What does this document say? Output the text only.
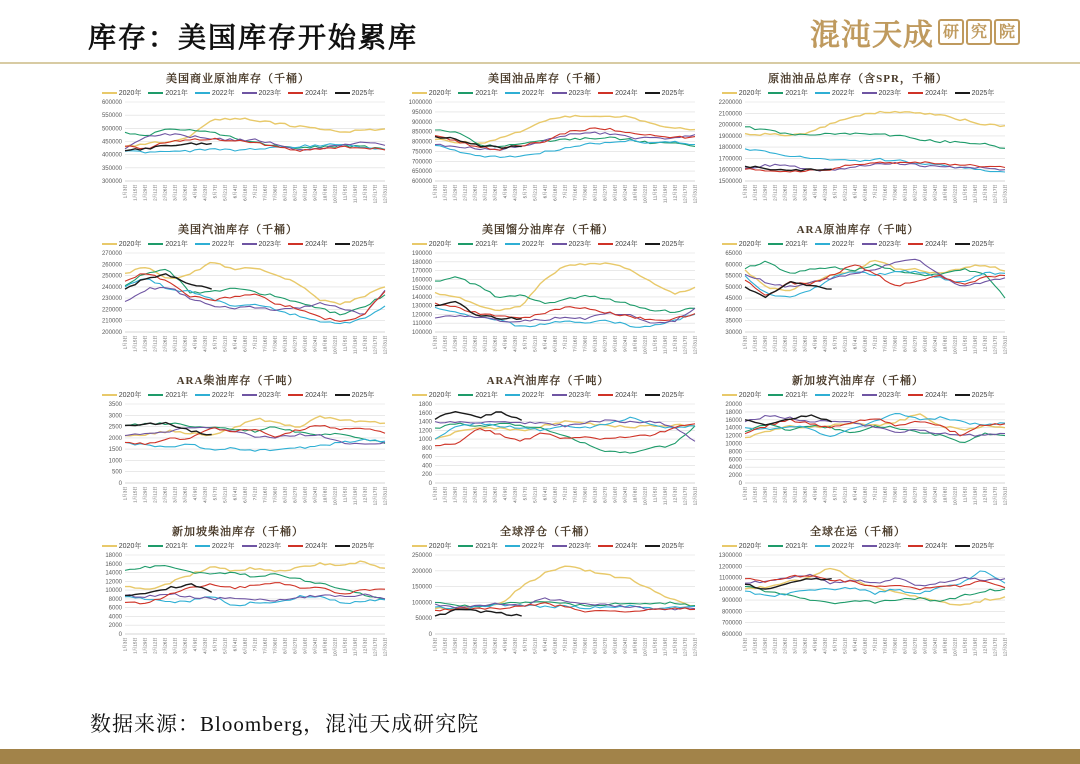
库存：美国库存开始累库	混沌天成 研 究 院
美国商业原油库存（千桶）
2020年	2021年	2022年	2023年	2024年	2025年
300000
350000
400000
450000
500000
550000
600000
1月3日 1月15日 1月29日 2月12日 2月26日 3月12日 3月26日 4月9日 4月23日 5月7日 5月21日 6月4日 6月18日 7月2日 7月16日 7月30日 8月13日 8月27日 9月10日 9月24日 10月8日 10月22日 11月5日 11月19日 12月3日 12月17日 12月31日
美国油品库存（千桶）
2020年	2021年	2022年	2023年	2024年	2025年
600000
650000
700000
750000
800000
850000
900000
950000
1000000
1月3日 1月15日 1月29日 2月12日 2月26日 3月12日 3月26日 4月9日 4月23日 5月7日 5月21日 6月4日 6月18日 7月2日 7月16日 7月30日 8月13日 8月27日 9月10日 9月24日 10月8日 10月22日 11月5日 11月19日 12月3日 12月17日 12月31日
原油油品总库存（含SPR，千桶）
2020年	2021年	2022年	2023年	2024年	2025年
1500000
1600000
1700000
1800000
1900000
2000000
2100000
2200000
1月3日 1月15日 1月29日 2月12日 2月26日 3月12日 3月26日 4月9日 4月23日 5月7日 5月21日 6月4日 6月18日 7月2日 7月16日 7月30日 8月13日 8月27日 9月10日 9月24日 10月8日 10月22日 11月5日 11月19日 12月3日 12月17日 12月31日
美国汽油库存（千桶）
2020年	2021年	2022年	2023年	2024年	2025年
200000
210000
220000
230000
240000
250000
260000
270000
1月3日 1月15日 1月29日 2月12日 2月26日 3月12日 3月26日 4月9日 4月23日 5月7日 5月21日 6月4日 6月18日 7月2日 7月16日 7月30日 8月13日 8月27日 9月10日 9月24日 10月8日 10月22日 11月5日 11月19日 12月3日 12月17日 12月31日
美国馏分油库存（千桶）
2020年	2021年	2022年	2023年	2024年	2025年
100000
110000
120000
130000
140000
150000
160000
170000
180000
190000
1月3日 1月15日 1月29日 2月12日 2月26日 3月12日 3月26日 4月9日 4月23日 5月7日 5月21日 6月4日 6月18日 7月2日 7月16日 7月30日 8月13日 8月27日 9月10日 9月24日 10月8日 10月22日 11月5日 11月19日 12月3日 12月17日 12月31日
ARA原油库存（千吨）
2020年	2021年	2022年	2023年	2024年	2025年
30000
35000
40000
45000
50000
55000
60000
65000
1月3日 1月15日 1月29日 2月12日 2月26日 3月12日 3月26日 4月9日 4月23日 5月7日 5月21日 6月4日 6月18日 7月2日 7月16日 7月30日 8月13日 8月27日 9月10日 9月24日 10月8日 10月22日 11月5日 11月19日 12月3日 12月17日 12月31日
ARA柴油库存（千吨）
2020年	2021年	2022年	2023年	2024年	2025年
0
500
1000
1500
2000
2500
3000
3500
1月3日 1月15日 1月29日 2月12日 2月26日 3月12日 3月26日 4月9日 4月23日 5月7日 5月21日 6月4日 6月18日 7月2日 7月16日 7月30日 8月13日 8月27日 9月10日 9月24日 10月8日 10月22日 11月5日 11月19日 12月3日 12月17日 12月31日
ARA汽油库存（千吨）
2020年	2021年	2022年	2023年	2024年	2025年
0
200
400
600
800
1000
1200
1400
1600
1800
1月3日 1月15日 1月29日 2月12日 2月26日 3月12日 3月26日 4月9日 4月23日 5月7日 5月21日 6月4日 6月18日 7月2日 7月16日 7月30日 8月13日 8月27日 9月10日 9月24日 10月8日 10月22日 11月5日 11月19日 12月3日 12月17日 12月31日
新加坡汽油库存（千桶）
2020年	2021年	2022年	2023年	2024年	2025年
0
2000
4000
6000
8000
10000
12000
14000
16000
18000
20000
1月3日 1月15日 1月29日 2月12日 2月26日 3月12日 3月26日 4月9日 4月23日 5月7日 5月21日 6月4日 6月18日 7月2日 7月16日 7月30日 8月13日 8月27日 9月10日 9月24日 10月8日 10月22日 11月5日 11月19日 12月3日 12月17日 12月31日
新加坡柴油库存（千桶）
2020年	2021年	2022年	2023年	2024年	2025年
0
2000
4000
6000
8000
10000
12000
14000
16000
18000
1月3日 1月15日 1月29日 2月12日 2月26日 3月12日 3月26日 4月9日 4月23日 5月7日 5月21日 6月4日 6月18日 7月2日 7月16日 7月30日 8月13日 8月27日 9月10日 9月24日 10月8日 10月22日 11月5日 11月19日 12月3日 12月17日 12月31日
全球浮仓（千桶）
2020年	2021年	2022年	2023年	2024年	2025年
0
50000
100000
150000
200000
250000
1月3日 1月15日 1月29日 2月12日 2月26日 3月12日 3月26日 4月9日 4月23日 5月7日 5月21日 6月4日 6月18日 7月2日 7月16日 7月30日 8月13日 8月27日 9月10日 9月24日 10月8日 10月22日 11月5日 11月19日 12月3日 12月17日 12月31日
全球在运（千桶）
2020年	2021年	2022年	2023年	2024年	2025年
600000
700000
800000
900000
1000000
1100000
1200000
1300000
1月3日 1月15日 1月29日 2月12日 2月26日 3月12日 3月26日 4月9日 4月23日 5月7日 5月21日 6月4日 6月18日 7月2日 7月16日 7月30日 8月13日 8月27日 9月10日 9月24日 10月8日 10月22日 11月5日 11月19日 12月3日 12月17日 12月31日
数据来源：Bloomberg，混沌天成研究院
